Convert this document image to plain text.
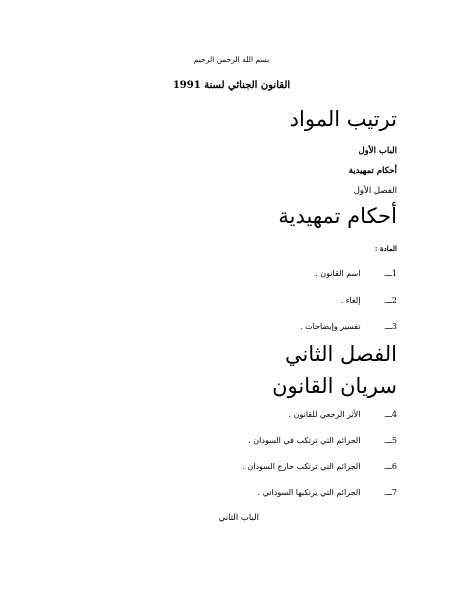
بسم الله الرحمن الرحيم
القانون الجنائي لسنة 1991
ترتيب المواد
الباب الأول
أحكام تمهيدية
الفصل الأول
أحكام تمهيدية
المادة :
1ـــ اسم القانون .
2ـــ إلغاء .
3ـــ تفسير وإيضاحات .
الفصل الثاني
سريان القانون
4ـــ الأثر الرجعي للقانون .
5ـــ الجرائم التي ترتكب في السودان .
6ـــ الجرائم التي ترتكب خارج السودان .
7ـــ الجرائم التي يرتكبها السوداني .
الباب الثاني
